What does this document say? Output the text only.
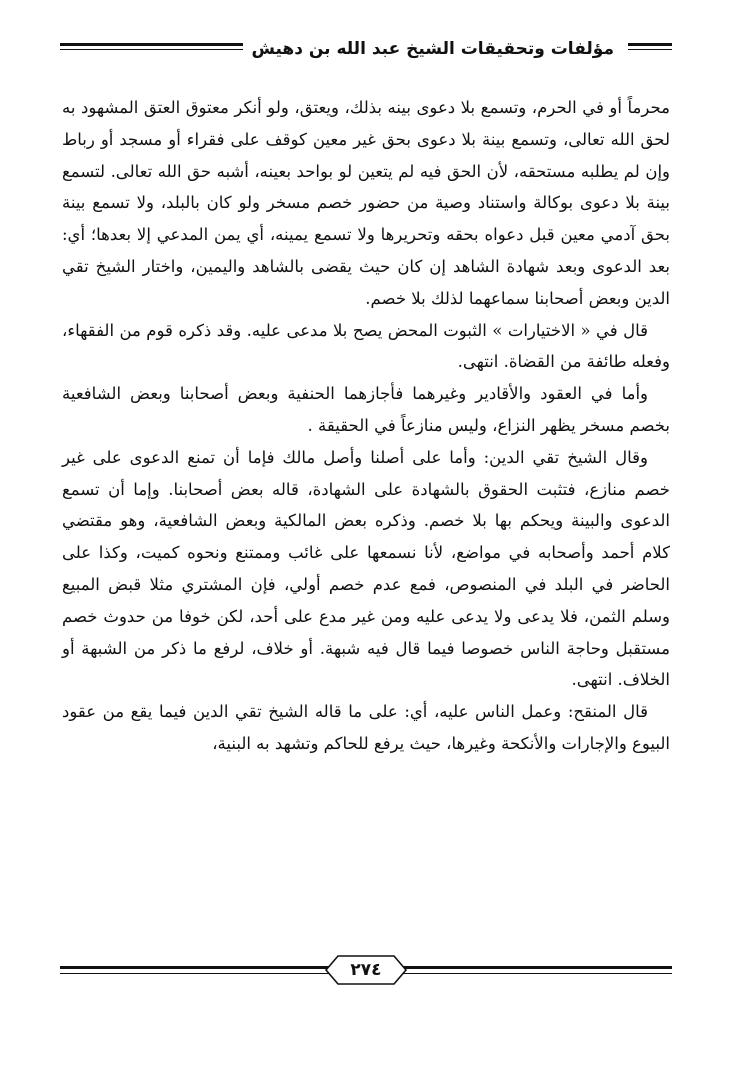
مؤلفات وتحقيقات الشيخ عبد الله بن دهيش

محرماً أو في الحرم، وتسمع بلا دعوى بينه بذلك، ويعتق، ولو أنكر معتوق العتق المشهود به لحق الله تعالى، وتسمع بينة بلا دعوى بحق غير معين كوقف على فقراء أو مسجد أو رباط وإن لم يطلبه مستحقه، لأن الحق فيه لم يتعين لو بواحد بعينه، أشبه حق الله تعالى. لتسمع بينة بلا دعوى بوكالة واستناد وصية من حضور خصم مسخر ولو كان بالبلد، ولا تسمع بينة بحق آدمي معين قبل دعواه بحقه وتحريرها ولا تسمع يمينه، أي يمن المدعي إلا بعدها؛ أي: بعد الدعوى وبعد شهادة الشاهد إن كان حيث يقضى بالشاهد واليمين، واختار الشيخ تقي الدين وبعض أصحابنا سماعهما لذلك بلا خصم.

قال في « الاختيارات » الثبوت المحض يصح بلا مدعى عليه. وقد ذكره قوم من الفقهاء، وفعله طائفة من القضاة. انتهى.

وأما في العقود والأقادير وغيرهما فأجازهما الحنفية وبعض أصحابنا وبعض الشافعية بخصم مسخر يظهر النزاع، وليس منازعاً في الحقيقة .

وقال الشيخ تقي الدين: وأما على أصلنا وأصل مالك فإما أن تمنع الدعوى على غير خصم منازع، فتثبت الحقوق بالشهادة على الشهادة، قاله بعض أصحابنا. وإما أن تسمع الدعوى والبينة ويحكم بها بلا خصم. وذكره بعض المالكية وبعض الشافعية، وهو مقتضي كلام أحمد وأصحابه في مواضع، لأنا نسمعها على غائب وممتنع ونحوه كميت، وكذا على الحاضر في البلد في المنصوص، فمع عدم خصم أولي، فإن المشتري مثلا قبض المبيع وسلم الثمن، فلا يدعى ولا يدعى عليه ومن غير مدع على أحد، لكن خوفا من حدوث خصم مستقبل وحاجة الناس خصوصا فيما قال فيه شبهة. أو خلاف، لرفع ما ذكر من الشبهة أو الخلاف. انتهى.

قال المنقح: وعمل الناس عليه، أي: على ما قاله الشيخ تقي الدين فيما يقع من عقود البيوع والإجارات والأنكحة وغيرها، حيث يرفع للحاكم وتشهد به البنية،

٢٧٤
